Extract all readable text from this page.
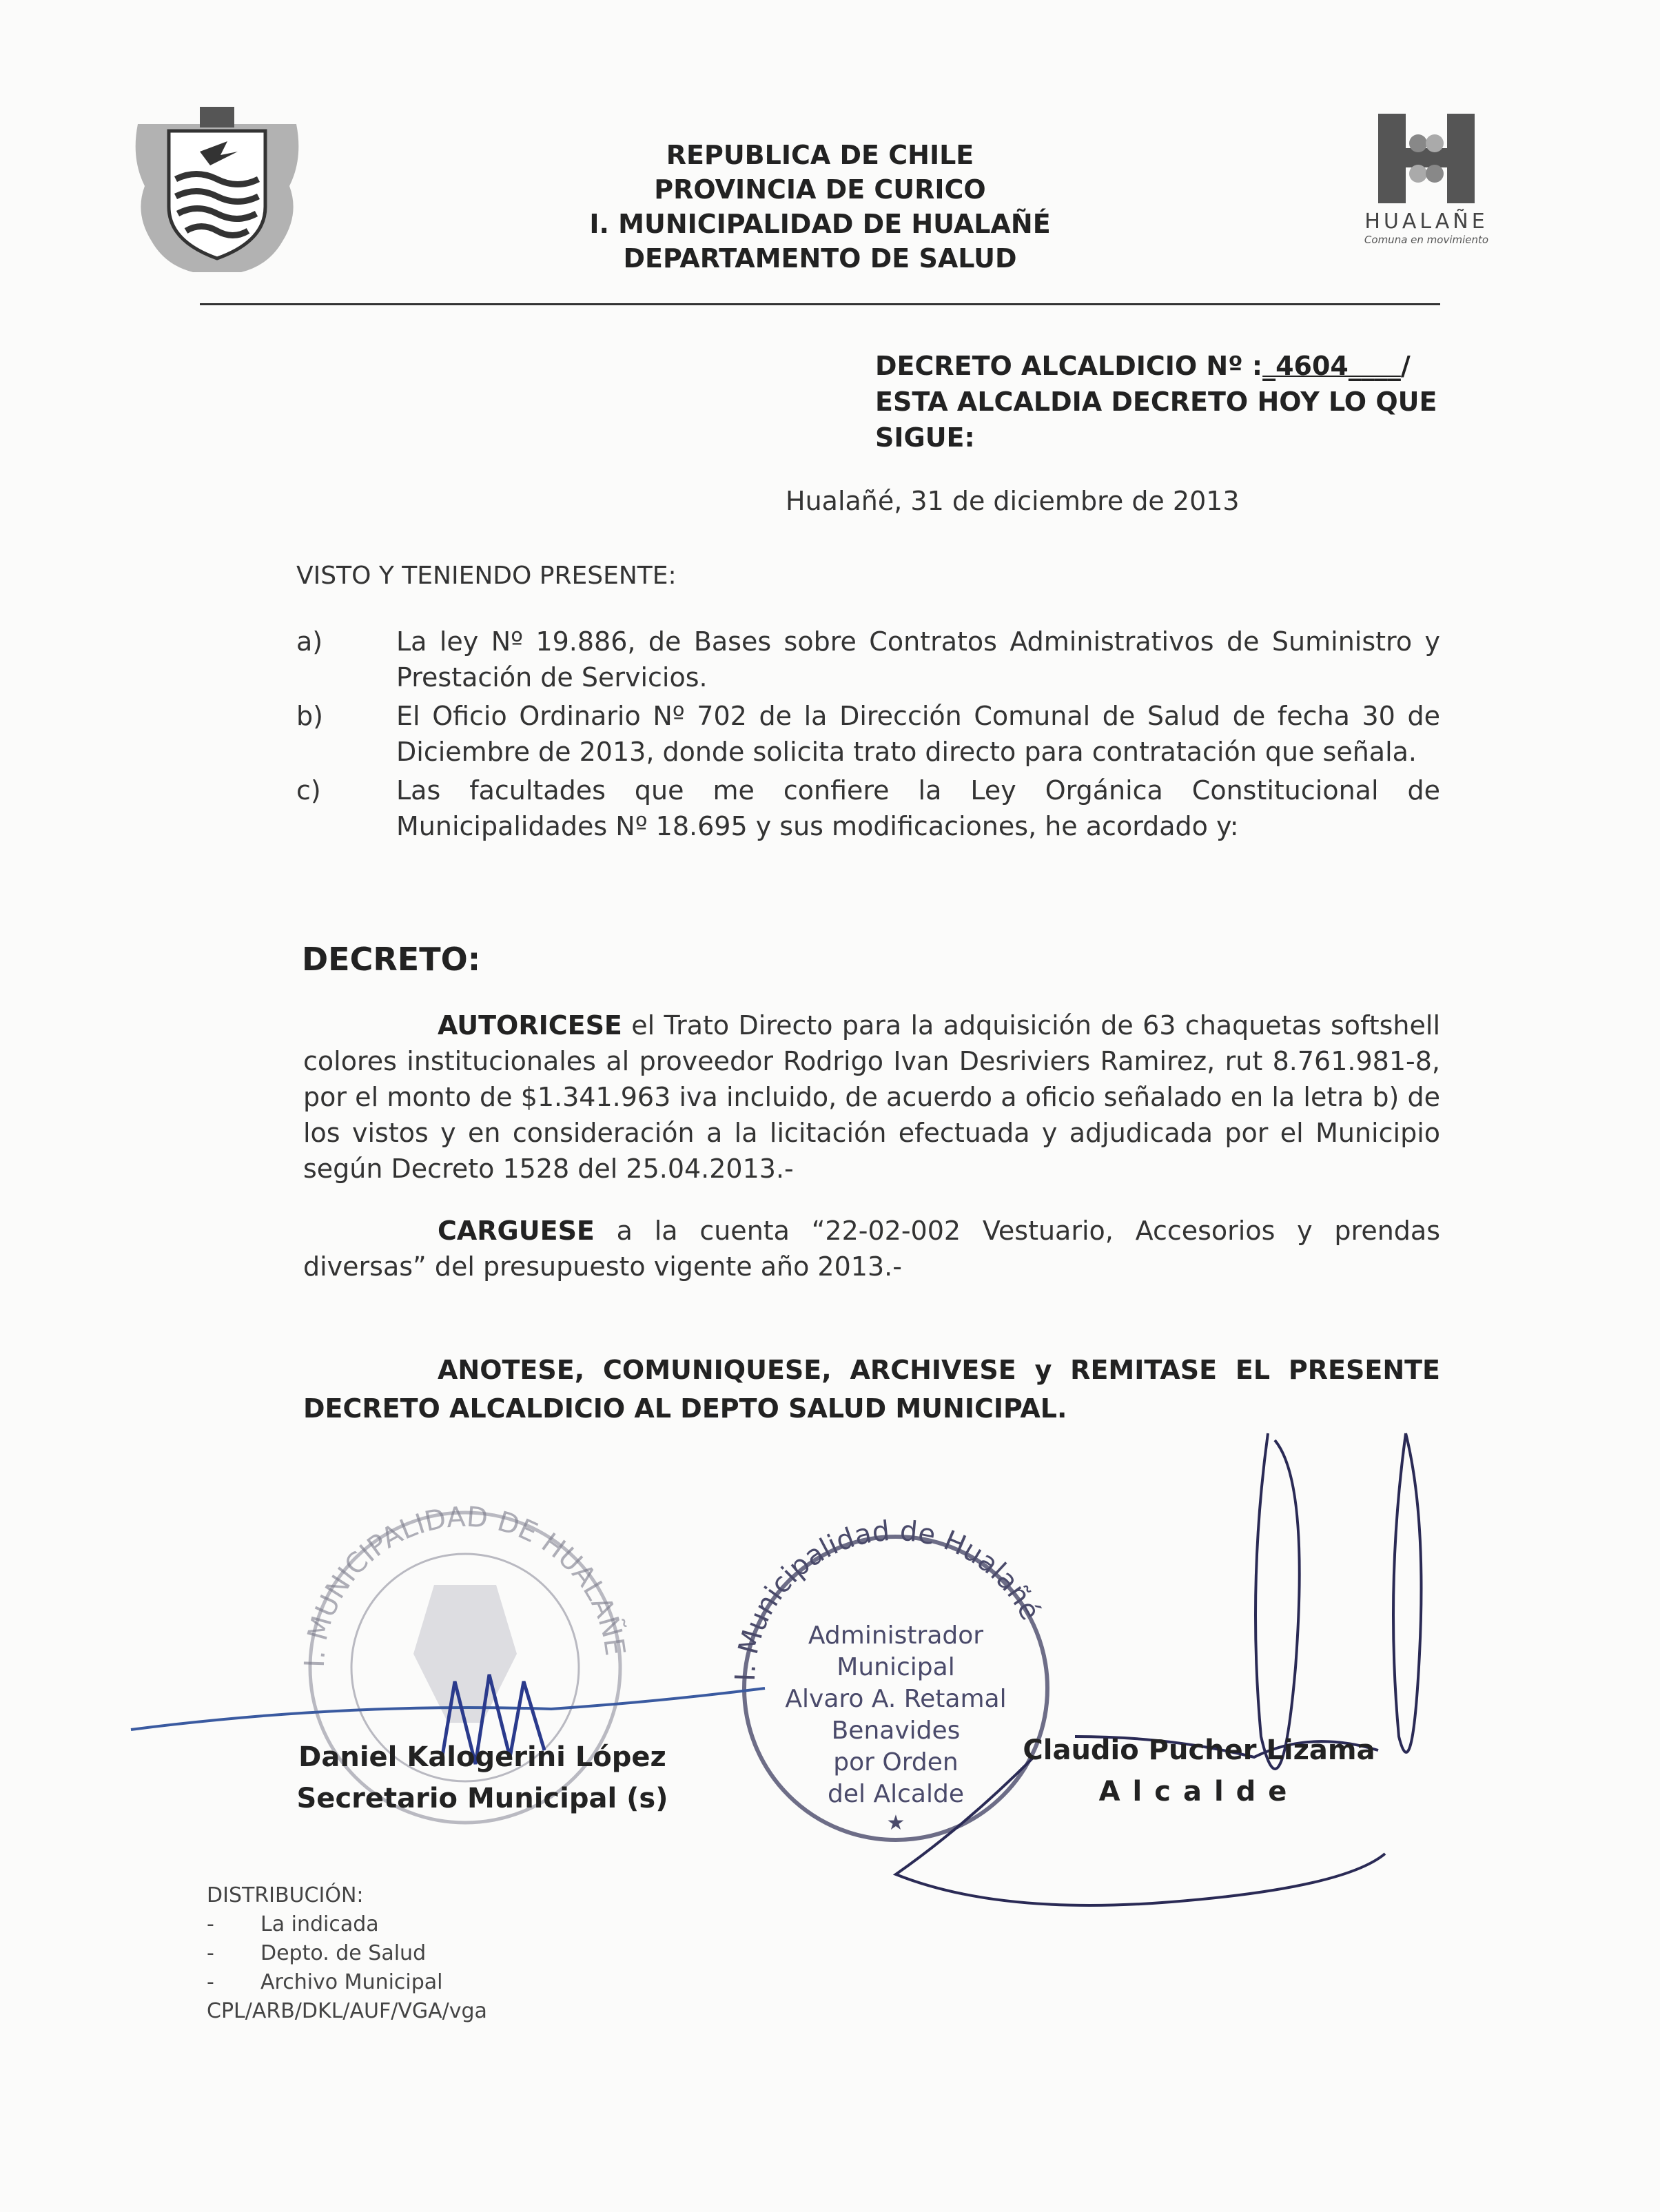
REPUBLICA DE CHILE
PROVINCIA DE CURICO
I. MUNICIPALIDAD DE HUALAÑÉ
DEPARTAMENTO DE SALUD
HUALAÑE
Comuna en movimiento
DECRETO ALCALDICIO Nº :_4604____/
ESTA ALCALDIA DECRETO HOY LO QUE
SIGUE:
Hualañé, 31 de diciembre de 2013
VISTO Y TENIENDO PRESENTE:
a)	La ley Nº 19.886, de Bases sobre Contratos Administrativos de Suministro y Prestación de Servicios.
b)	El Oficio Ordinario Nº 702 de la Dirección Comunal de Salud de fecha 30 de Diciembre de 2013, donde solicita trato directo para contratación que señala.
c)	Las facultades que me confiere la Ley Orgánica Constitucional de Municipalidades Nº 18.695 y sus modificaciones, he acordado y:
DECRETO:
AUTORICESE el Trato Directo para la adquisición de 63 chaquetas softshell colores institucionales al proveedor Rodrigo Ivan Desriviers Ramirez, rut 8.761.981-8, por el monto de $1.341.963 iva incluido, de acuerdo a oficio señalado en la letra b) de los vistos y en consideración a la licitación efectuada y adjudicada por el Municipio según Decreto 1528 del 25.04.2013.-
CARGUESE a la cuenta “22-02-002 Vestuario, Accesorios y prendas diversas” del presupuesto vigente año 2013.-
ANOTESE, COMUNIQUESE, ARCHIVESE y REMITASE EL PRESENTE DECRETO ALCALDICIO AL DEPTO SALUD MUNICIPAL.
I. MUNICIPALIDAD DE HUALAÑE
I. Municipalidad de Hualañé
Administrador
Municipal
Alvaro A. Retamal
Benavides
por Orden
del Alcalde
★
Daniel Kalogerini López
Secretario Municipal (s)
Claudio Pucher Lizama
Alcalde
DISTRIBUCIÓN:
- La indicada
- Depto. de Salud
- Archivo Municipal
CPL/ARB/DKL/AUF/VGA/vga
